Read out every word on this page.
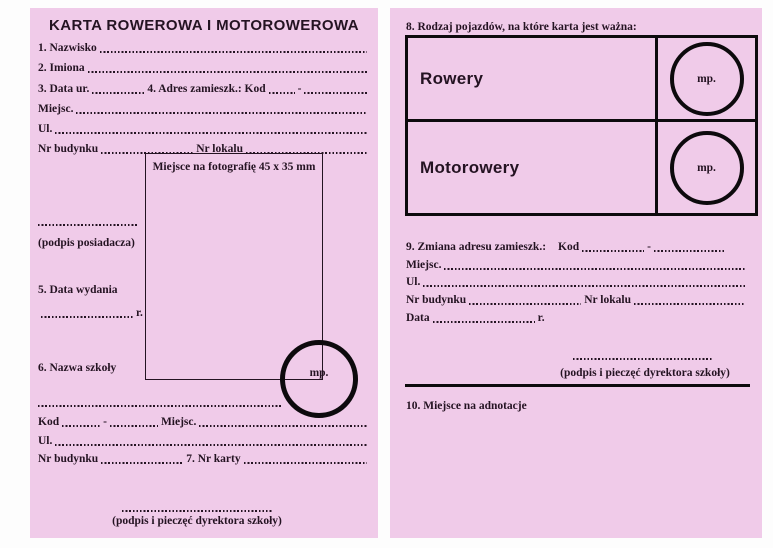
KARTA ROWEROWA I MOTOROWEROWA
1. Nazwisko
2. Imiona
3. Data ur.	4. Adres zamieszk.: Kod	-
Miejsc.
Ul.
Nr budynku	Nr lokalu
Miejsce na fotografię 45 x 35 mm
(podpis posiadacza)
5. Data wydania
r.
6. Nazwa szkoły	mp.
Kod	-	Miejsc.
Ul.
Nr budynku	7. Nr karty
(podpis i pieczęć dyrektora szkoły)
8. Rodzaj pojazdów, na które karta jest ważna:
Rowery	mp.
Motorowery	mp.
9. Zmiana adresu zamieszk.: Kod	-
Miejsc.
Ul.
Nr budynku	Nr lokalu
Data	r.
(podpis i pieczęć dyrektora szkoły)
10. Miejsce na adnotacje
